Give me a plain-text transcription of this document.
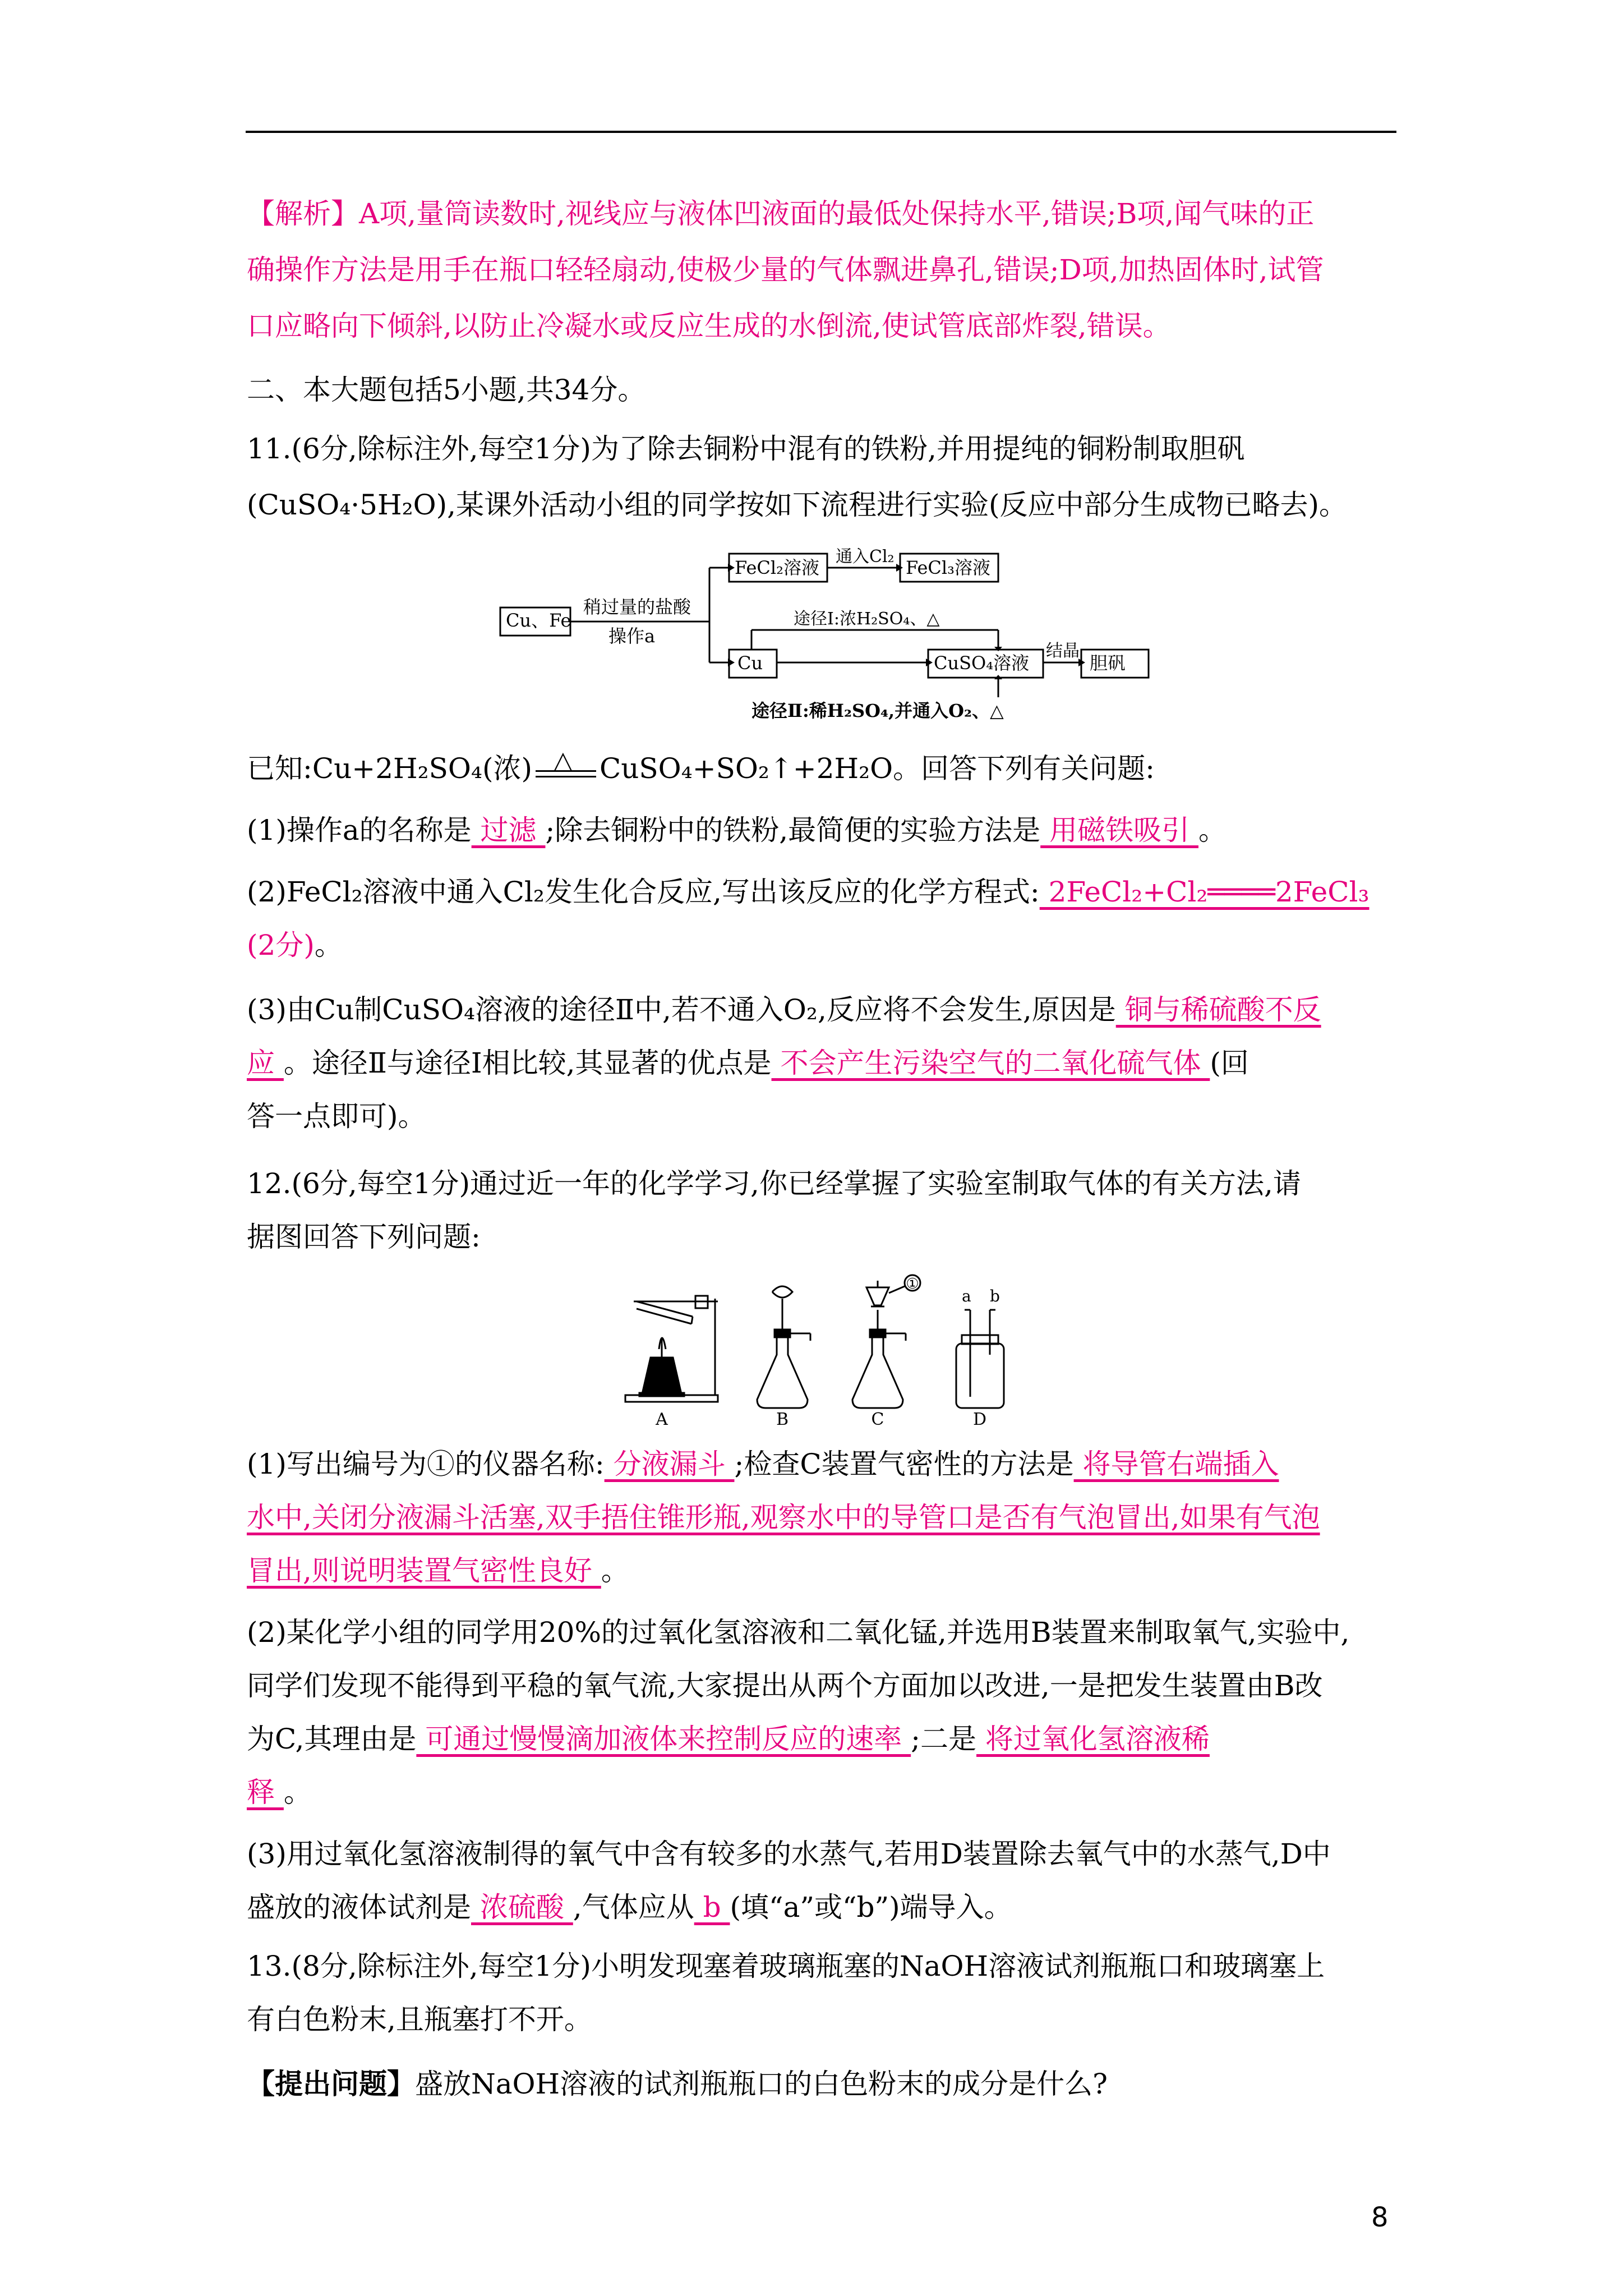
【解析】A项,量筒读数时,视线应与液体凹液面的最低处保持水平,错误;B项,闻气味的正
确操作方法是用手在瓶口轻轻扇动,使极少量的气体飘进鼻孔,错误;D项,加热固体时,试管
口应略向下倾斜,以防止冷凝水或反应生成的水倒流,使试管底部炸裂,错误。
二、本大题包括5小题,共34分。
11.(6分,除标注外,每空1分)为了除去铜粉中混有的铁粉,并用提纯的铜粉制取胆矾
(CuSO₄·5H₂O),某课外活动小组的同学按如下流程进行实验(反应中部分生成物已略去)。
Cu、Fe
稍过量的盐酸
操作a
FeCl₂溶液
通入Cl₂
FeCl₃溶液
Cu
途径Ⅰ:浓H₂SO₄、△
CuSO₄溶液
结晶
胆矾
途径Ⅱ:稀H₂SO₄,并通入O₂、△
已知:Cu+2H₂SO₄(浓) △ CuSO₄+SO₂↑+2H₂O。回答下列有关问题:
(1)操作a的名称是 过滤 ;除去铜粉中的铁粉,最简便的实验方法是 用磁铁吸引 。
(2)FeCl₂溶液中通入Cl₂发生化合反应,写出该反应的化学方程式: 2FeCl₂+Cl₂════2FeCl₃
(2分)。
(3)由Cu制CuSO₄溶液的途径Ⅱ中,若不通入O₂,反应将不会发生,原因是 铜与稀硫酸不反
应 。途径Ⅱ与途径Ⅰ相比较,其显著的优点是 不会产生污染空气的二氧化硫气体 (回
答一点即可)。
12.(6分,每空1分)通过近一年的化学学习,你已经掌握了实验室制取气体的有关方法,请
据图回答下列问题:
A	B	C	D
①
a b
(1)写出编号为①的仪器名称: 分液漏斗 ;检查C装置气密性的方法是 将导管右端插入
水中,关闭分液漏斗活塞,双手捂住锥形瓶,观察水中的导管口是否有气泡冒出,如果有气泡
冒出,则说明装置气密性良好 。
(2)某化学小组的同学用20%的过氧化氢溶液和二氧化锰,并选用B装置来制取氧气,实验中,
同学们发现不能得到平稳的氧气流,大家提出从两个方面加以改进,一是把发生装置由B改
为C,其理由是 可通过慢慢滴加液体来控制反应的速率 ;二是 将过氧化氢溶液稀
释 。
(3)用过氧化氢溶液制得的氧气中含有较多的水蒸气,若用D装置除去氧气中的水蒸气,D中
盛放的液体试剂是 浓硫酸 ,气体应从 b (填“a”或“b”)端导入。
13.(8分,除标注外,每空1分)小明发现塞着玻璃瓶塞的NaOH溶液试剂瓶瓶口和玻璃塞上
有白色粉末,且瓶塞打不开。
【提出问题】盛放NaOH溶液的试剂瓶瓶口的白色粉末的成分是什么?
8
